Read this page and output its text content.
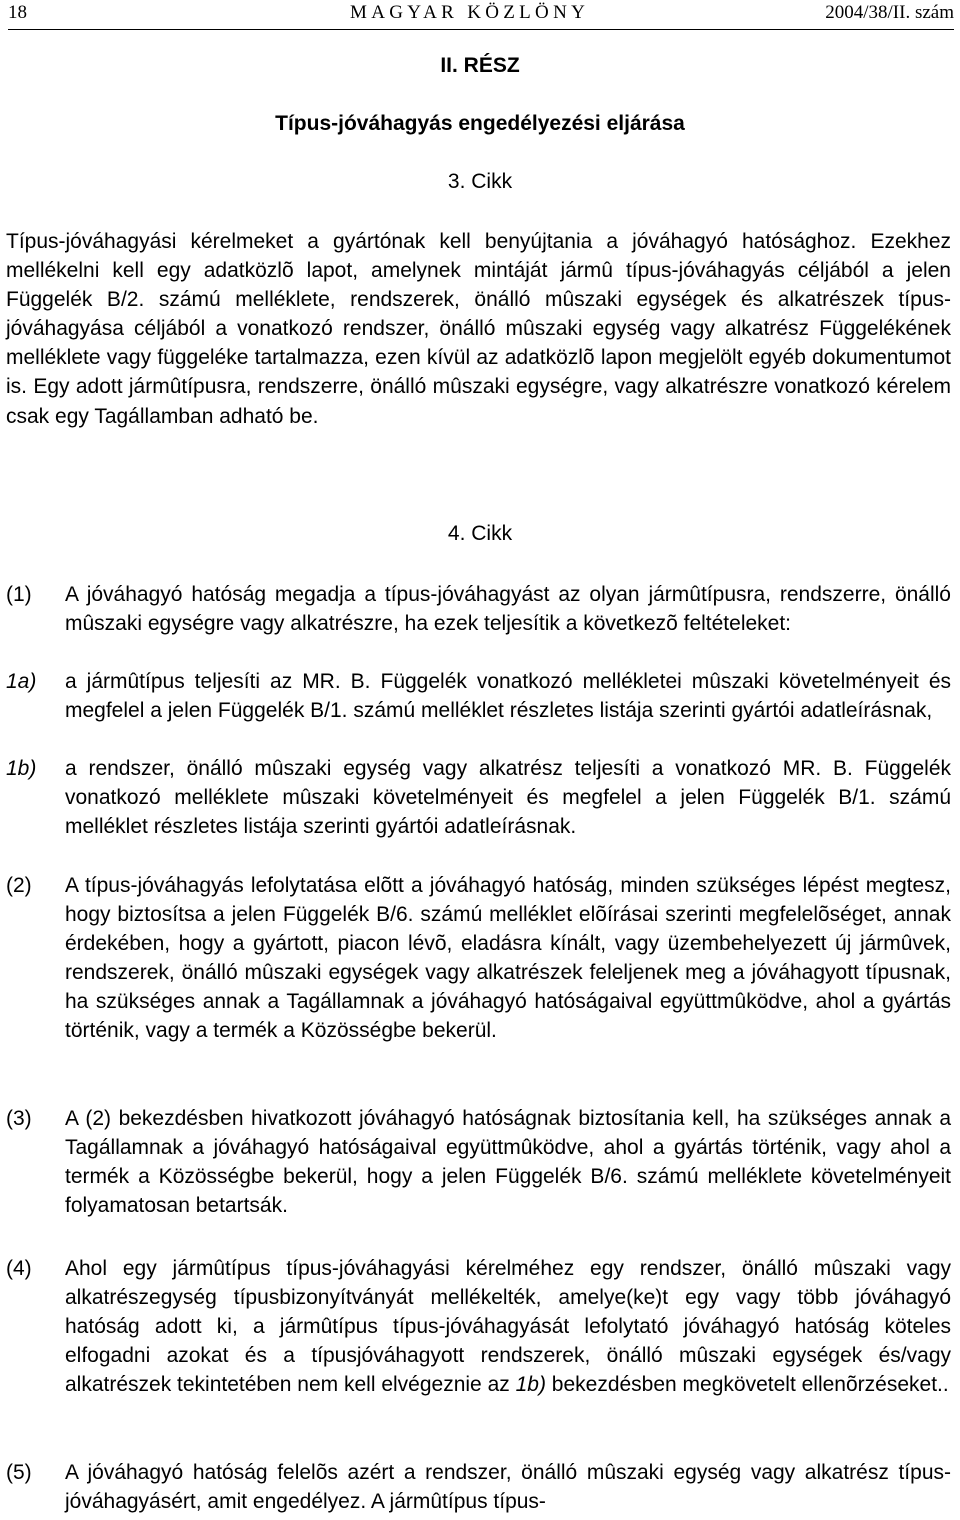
18	MAGYAR KÖZLÖNY	2004/38/II. szám
II. RÉSZ
Típus-jóváhagyás engedélyezési eljárása
3. Cikk
Típus-jóváhagyási kérelmeket a gyártónak kell benyújtania a jóváhagyó hatósághoz. Ezekhez mellékelni kell egy adatközlõ lapot, amelynek mintáját jármû típus-jóváhagyás céljából a jelen Függelék B/2. számú melléklete, rendszerek, önálló mûszaki egységek és alkatrészek típus-jóváhagyása céljából a vonatkozó rendszer, önálló mûszaki egység vagy alkatrész Függelékének melléklete vagy függeléke tartalmazza, ezen kívül az adatközlõ lapon megjelölt egyéb dokumentumot is. Egy adott jármûtípusra, rendszerre, önálló mûszaki egységre, vagy alkatrészre vonatkozó kérelem csak egy Tagállamban adható be.
4. Cikk
(1) A jóváhagyó hatóság megadja a típus-jóváhagyást az olyan jármûtípusra, rendszerre, önálló mûszaki egységre vagy alkatrészre, ha ezek teljesítik a következõ feltételeket:
1a) a jármûtípus teljesíti az MR. B. Függelék vonatkozó mellékletei mûszaki követelményeit és megfelel a jelen Függelék B/1. számú melléklet részletes listája szerinti gyártói adatleírásnak,
1b) a rendszer, önálló mûszaki egység vagy alkatrész teljesíti a vonatkozó MR. B. Függelék vonatkozó melléklete mûszaki követelményeit és megfelel a jelen Függelék B/1. számú melléklet részletes listája szerinti gyártói adatleírásnak.
(2) A típus-jóváhagyás lefolytatása elõtt a jóváhagyó hatóság, minden szükséges lépést megtesz, hogy biztosítsa a jelen Függelék B/6. számú melléklet elõírásai szerinti megfelelõséget, annak érdekében, hogy a gyártott, piacon lévõ, eladásra kínált, vagy üzembehelyezett új jármûvek, rendszerek, önálló mûszaki egységek vagy alkatrészek feleljenek meg a jóváhagyott típusnak, ha szükséges annak a Tagállamnak a jóváhagyó hatóságaival együttmûködve, ahol a gyártás történik, vagy a termék a Közösségbe bekerül.
(3) A (2) bekezdésben hivatkozott jóváhagyó hatóságnak biztosítania kell, ha szükséges annak a Tagállamnak a jóváhagyó hatóságaival együttmûködve, ahol a gyártás történik, vagy ahol a termék a Közösségbe bekerül, hogy a jelen Függelék B/6. számú melléklete követelményeit folyamatosan betartsák.
(4) Ahol egy jármûtípus típus-jóváhagyási kérelméhez egy rendszer, önálló mûszaki vagy alkatrészegység típusbizonyítványát mellékelték, amelye(ke)t egy vagy több jóváhagyó hatóság adott ki, a jármûtípus típus-jóváhagyását lefolytató jóváhagyó hatóság köteles elfogadni azokat és a típusjóváhagyott rendszerek, önálló mûszaki egységek és/vagy alkatrészek tekintetében nem kell elvégeznie az 1b) bekezdésben megkövetelt ellenõrzéseket..
(5) A jóváhagyó hatóság felelõs azért a rendszer, önálló mûszaki egység vagy alkatrész típus-jóváhagyásért, amit engedélyez. A jármûtípus típus-
